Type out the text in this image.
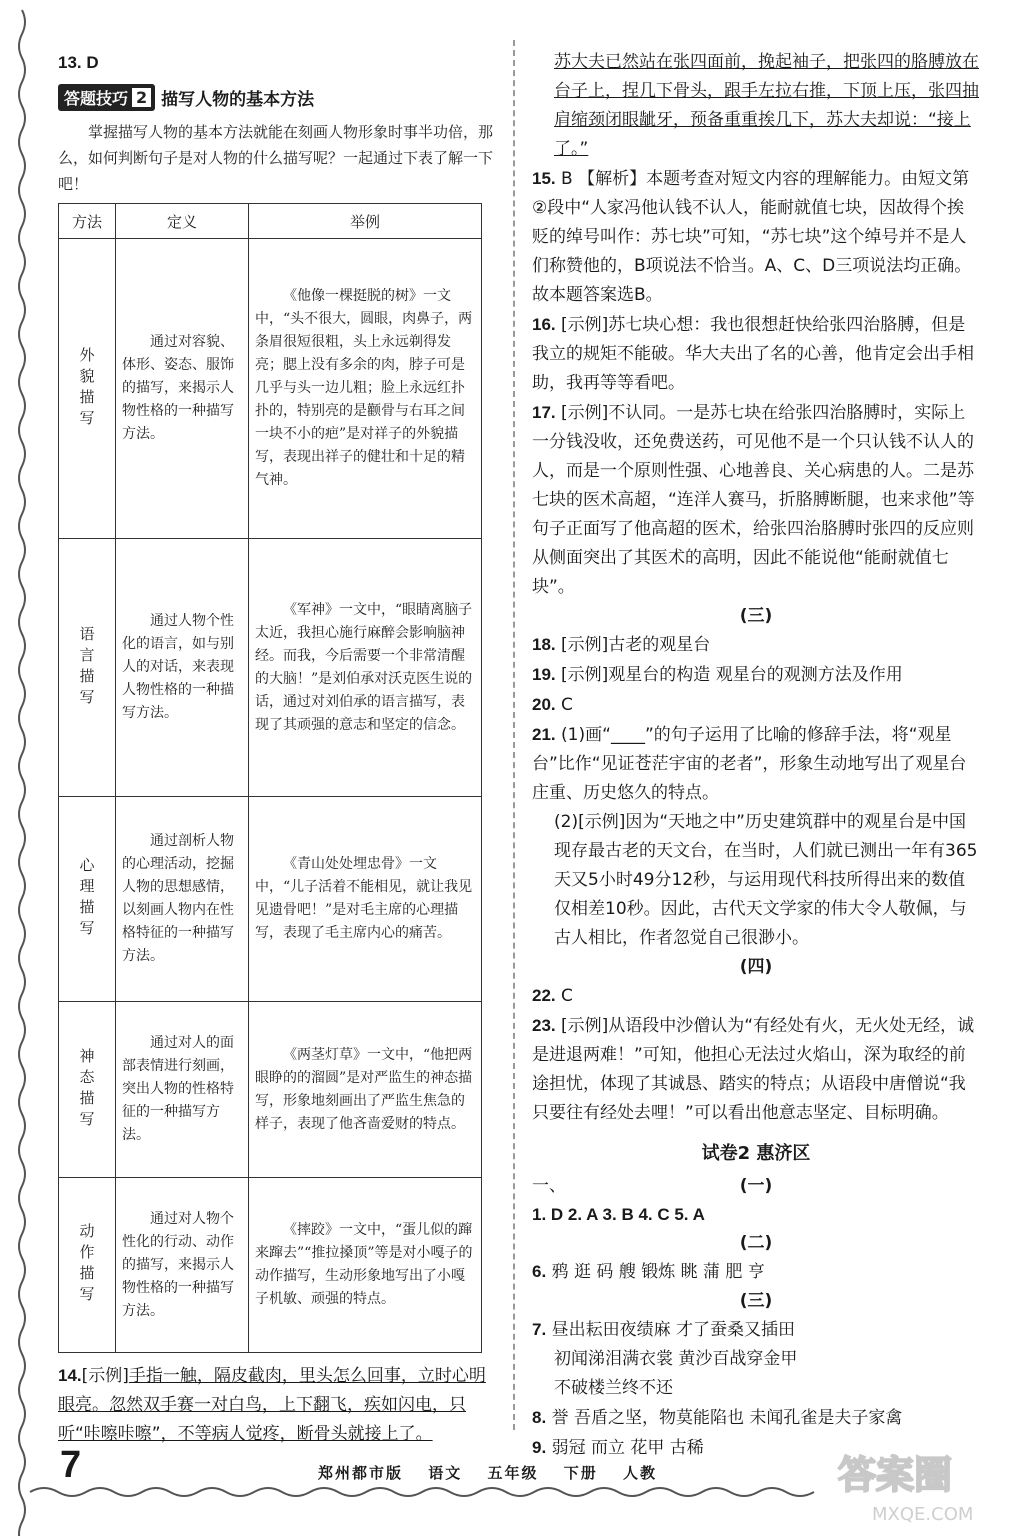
13. D

答题技巧 2 描写人物的基本方法

掌握描写人物的基本方法就能在刻画人物形象时事半功倍，那么，如何判断句子是对人物的什么描写呢？一起通过下表了解一下吧！

方法	定义	举例
外貌描写	通过对容貌、体形、姿态、服饰的描写，来揭示人物性格的一种描写方法。	《他像一棵挺脱的树》一文中，“头不很大，圆眼，肉鼻子，两条眉很短很粗，头上永远剃得发亮；腮上没有多余的肉，脖子可是几乎与头一边儿粗；脸上永远红扑扑的，特别亮的是颧骨与右耳之间一块不小的疤”是对祥子的外貌描写，表现出祥子的健壮和十足的精气神。
语言描写	通过人物个性化的语言，如与别人的对话，来表现人物性格的一种描写方法。	《军神》一文中，“眼睛离脑子太近，我担心施行麻醉会影响脑神经。而我，今后需要一个非常清醒的大脑！”是刘伯承对沃克医生说的话，通过对刘伯承的语言描写，表现了其顽强的意志和坚定的信念。
心理描写	通过剖析人物的心理活动，挖掘人物的思想感情，以刻画人物内在性格特征的一种描写方法。	《青山处处埋忠骨》一文中，“儿子活着不能相见，就让我见见遗骨吧！”是对毛主席的心理描写，表现了毛主席内心的痛苦。
神态描写	通过对人的面部表情进行刻画，突出人物的性格特征的一种描写方法。	《两茎灯草》一文中，“他把两眼睁的的溜圆”是对严监生的神态描写，形象地刻画出了严监生焦急的样子，表现了他吝啬爱财的特点。
动作描写	通过对人物个性化的行动、动作的描写，来揭示人物性格的一种描写方法。	《摔跤》一文中，“蛋儿似的蹿来蹿去”“推拉搡顶”等是对小嘎子的动作描写，生动形象地写出了小嘎子机敏、顽强的特点。

14.[示例]手指一触，隔皮截肉，里头怎么回事，立时心明眼亮。忽然双手赛一对白鸟，上下翻飞，疾如闪电，只听“咔嚓咔嚓”，不等病人觉疼，断骨头就接上了。

苏大夫已然站在张四面前，挽起袖子，把张四的胳膊放在台子上，捏几下骨头，跟手左拉右推，下顶上压，张四抽肩缩颈闭眼龇牙，预备重重挨几下，苏大夫却说：“接上了。”

15. B 【解析】本题考查对短文内容的理解能力。由短文第②段中“人家冯他认钱不认人，能耐就值七块，因故得个挨贬的绰号叫作：苏七块”可知，“苏七块”这个绰号并不是人们称赞他的，B项说法不恰当。A、C、D三项说法均正确。故本题答案选B。

16. [示例]苏七块心想：我也很想赶快给张四治胳膊，但是我立的规矩不能破。华大夫出了名的心善，他肯定会出手相助，我再等等看吧。

17. [示例]不认同。一是苏七块在给张四治胳膊时，实际上一分钱没收，还免费送药，可见他不是一个只认钱不认人的人，而是一个原则性强、心地善良、关心病患的人。二是苏七块的医术高超，“连洋人赛马，折胳膊断腿，也来求他”等句子正面写了他高超的医术，给张四治胳膊时张四的反应则从侧面突出了其医术的高明，因此不能说他“能耐就值七块”。

(三)

18. [示例]古老的观星台

19. [示例]观星台的构造 观星台的观测方法及作用

20. C

21. (1)画“____”的句子运用了比喻的修辞手法，将“观星台”比作“见证苍茫宇宙的老者”，形象生动地写出了观星台庄重、历史悠久的特点。

(2)[示例]因为“天地之中”历史建筑群中的观星台是中国现存最古老的天文台，在当时，人们就已测出一年有365天又5小时49分12秒，与运用现代科技所得出来的数值仅相差10秒。因此，古代天文学家的伟大令人敬佩，与古人相比，作者忽觉自己很渺小。

(四)

22. C

23. [示例]从语段中沙僧认为“有经处有火，无火处无经，诚是进退两难！”可知，他担心无法过火焰山，深为取经的前途担忧，体现了其诚恳、踏实的特点；从语段中唐僧说“我只要往有经处去哩！”可以看出他意志坚定、目标明确。

试卷2 惠济区

一、	(一)

1. D 2. A 3. B 4. C 5. A

(二)

6. 鸦 逛 码 艘 锻炼 眺 蒲 肥 亨

(三)

7. 昼出耘田夜绩麻 才了蚕桑又插田

初闻涕泪满衣裳 黄沙百战穿金甲

不破楼兰终不还

8. 誉 吾盾之坚，物莫能陷也 未闻孔雀是夫子家禽

9. 弱冠 而立 花甲 古稀

7	郑州都市版 语文 五年级 下册 人教	答案圈
MXQE.COM
